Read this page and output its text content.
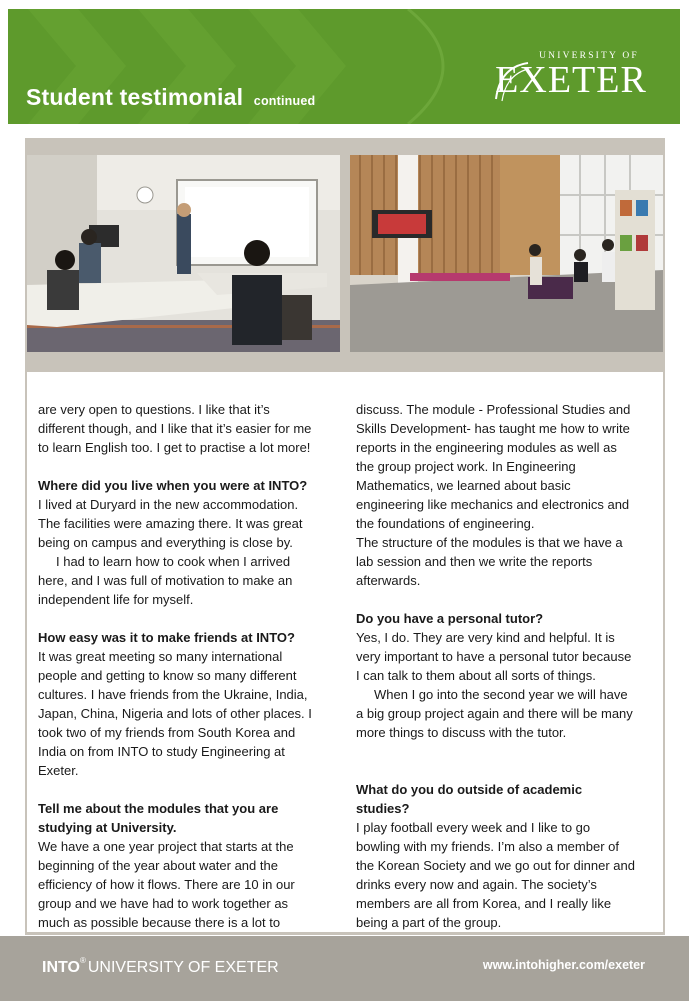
Student testimonial continued
UNIVERSITY OF
EXETER

are very open to questions. I like that it’s different though, and I like that it’s easier for me to learn English too. I get to practise a lot more!

Where did you live when you were at INTO?

I lived at Duryard in the new accommodation. The facilities were amazing there. It was great being on campus and everything is close by.

I had to learn how to cook when I arrived here, and I was full of motivation to make an independent life for myself.

How easy was it to make friends at INTO?

It was great meeting so many international people and getting to know so many different cultures. I have friends from the Ukraine, India, Japan, China, Nigeria and lots of other places. I took two of my friends from South Korea and India on from INTO to study Engineering at Exeter.

Tell me about the modules that you are studying at University.

We have a one year project that starts at the beginning of the year about water and the efficiency of how it flows. There are 10 in our group and we have had to work together as much as possible because there is a lot to

discuss. The module - Professional Studies and Skills Development- has taught me how to write reports in the engineering modules as well as the group project work. In Engineering Mathematics, we learned about basic engineering like mechanics and electronics and the foundations of engineering.

The structure of the modules is that we have a lab session and then we write the reports afterwards.

Do you have a personal tutor?

Yes, I do. They are very kind and helpful. It is very important to have a personal tutor because I can talk to them about all sorts of things.

When I go into the second year we will have a big group project again and there will be many more things to discuss with the tutor.

What do you do outside of academic studies?

I play football every week and I like to go bowling with my friends. I’m also a member of the Korean Society and we go out for dinner and drinks every now and again. The society’s members are all from Korea, and I really like being a part of the group.

INTO® UNIVERSITY OF EXETER	www.intohigher.com/exeter
